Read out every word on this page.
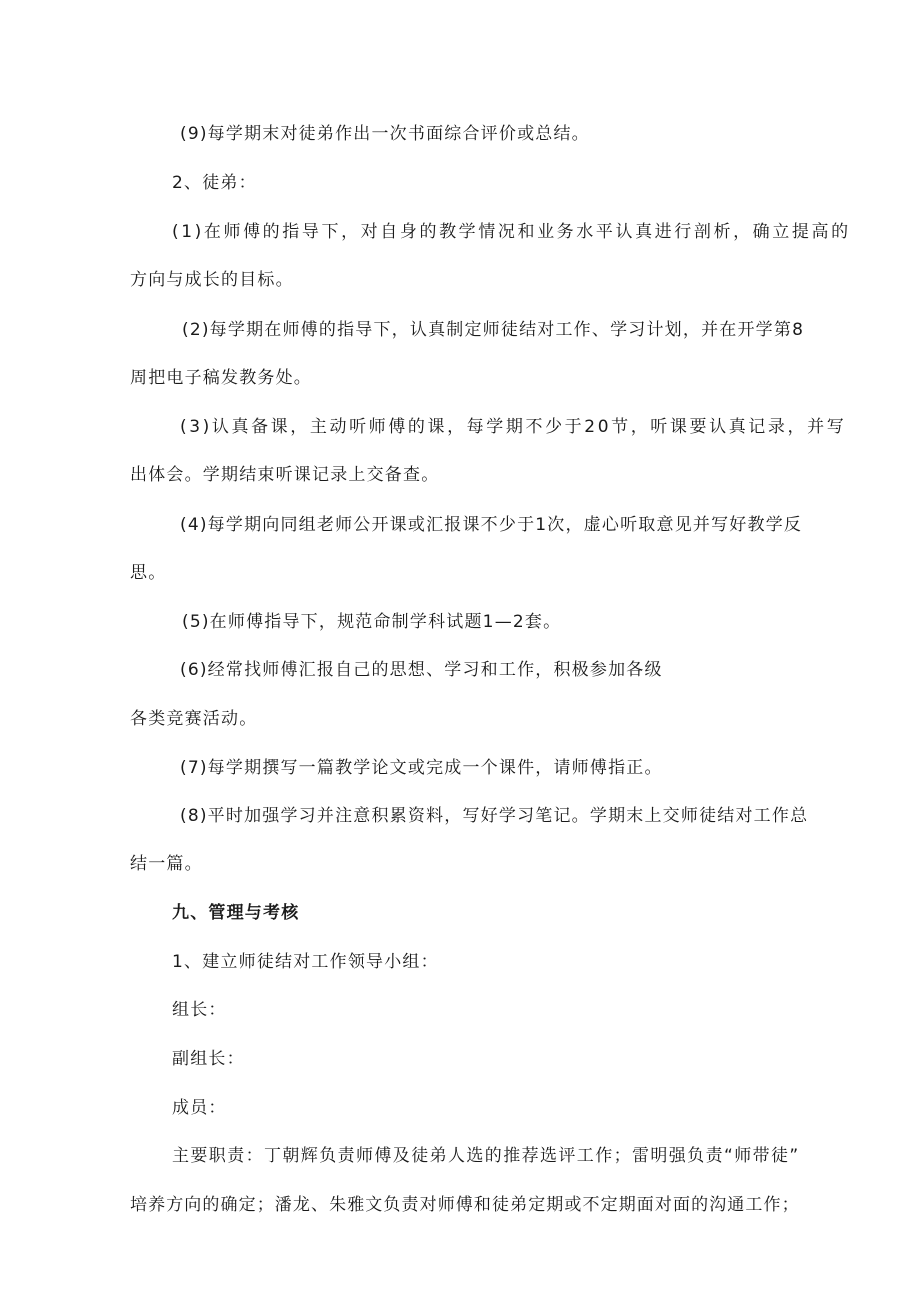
(9)每学期末对徒弟作出一次书面综合评价或总结。
2、徒弟：
(1)在师傅的指导下，对自身的教学情况和业务水平认真进行剖析，确立提高的
方向与成长的目标。
(2)每学期在师傅的指导下，认真制定师徒结对工作、学习计划，并在开学第8
周把电子稿发教务处。
(3)认真备课，主动听师傅的课，每学期不少于20节，听课要认真记录，并写
出体会。学期结束听课记录上交备查。
(4)每学期向同组老师公开课或汇报课不少于1次，虚心听取意见并写好教学反
思。
(5)在师傅指导下，规范命制学科试题1—2套。
(6)经常找师傅汇报自己的思想、学习和工作，积极参加各级
各类竞赛活动。
(7)每学期撰写一篇教学论文或完成一个课件，请师傅指正。
(8)平时加强学习并注意积累资料，写好学习笔记。学期末上交师徒结对工作总
结一篇。
九、管理与考核
1、建立师徒结对工作领导小组：
组长：
副组长：
成员：
主要职责：丁朝辉负责师傅及徒弟人选的推荐选评工作；雷明强负责“师带徒”
培养方向的确定；潘龙、朱雅文负责对师傅和徒弟定期或不定期面对面的沟通工作；
